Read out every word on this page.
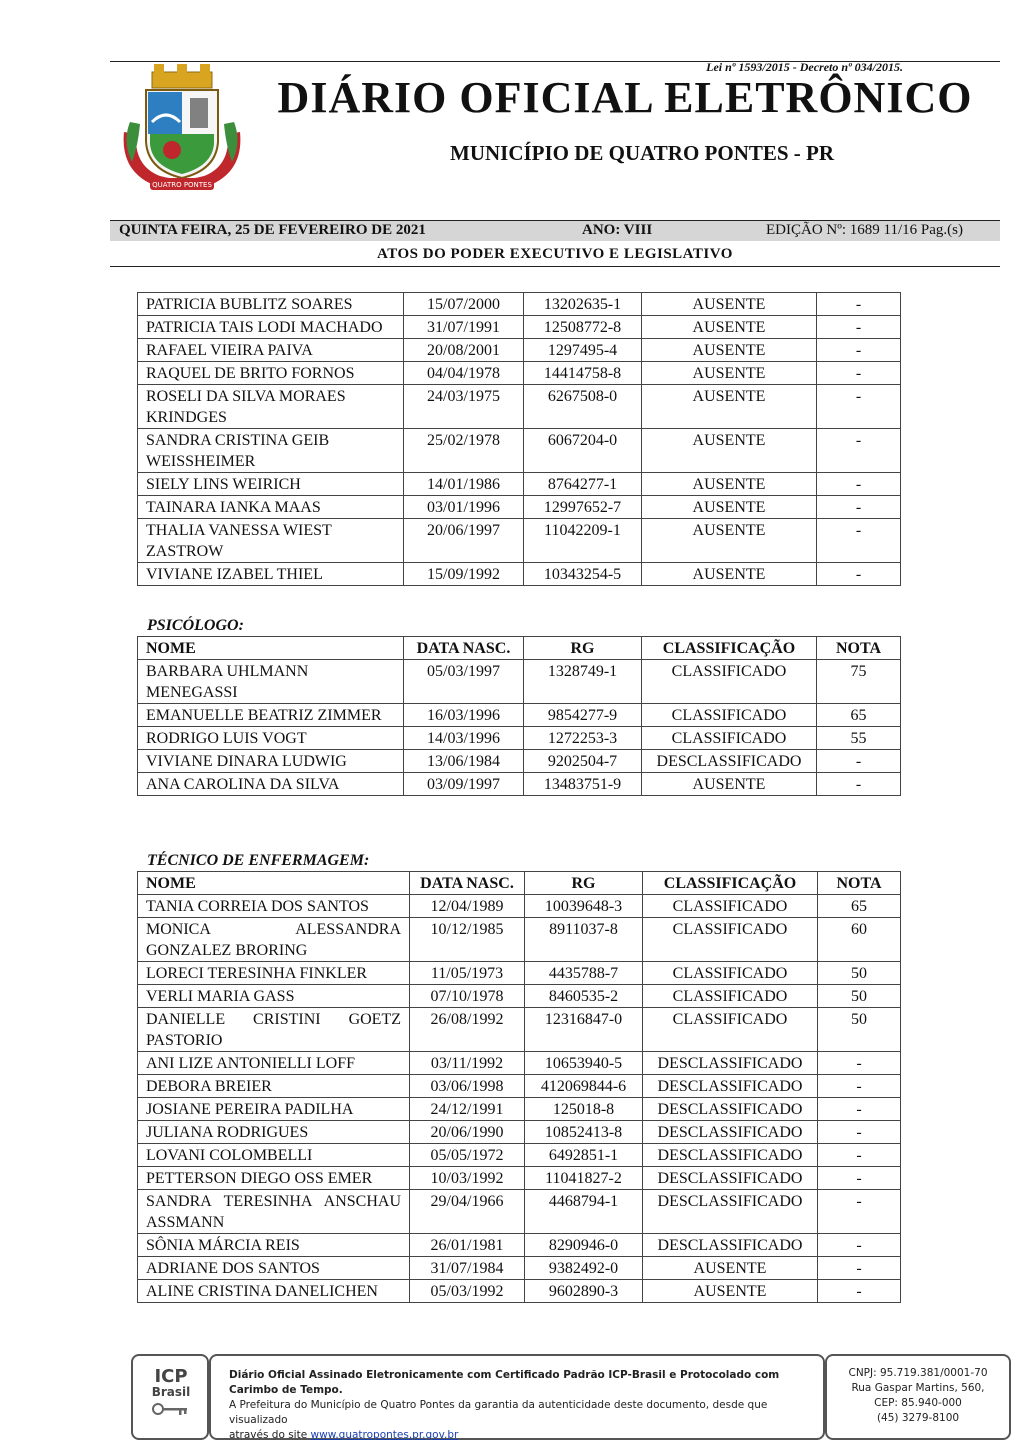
Lei nº 1593/2015 - Decreto nº 034/2015.
QUATRO PONTES
DIÁRIO OFICIAL ELETRÔNICO
MUNICÍPIO DE QUATRO PONTES - PR
QUINTA FEIRA, 25 DE FEVEREIRO DE 2021	ANO: VIII	EDIÇÃO Nº: 1689 11/16 Pag.(s)
ATOS DO PODER EXECUTIVO E LEGISLATIVO
PATRICIA BUBLITZ SOARES	15/07/2000	13202635-1	AUSENTE	-
PATRICIA TAIS LODI MACHADO	31/07/1991	12508772-8	AUSENTE	-
RAFAEL VIEIRA PAIVA	20/08/2001	1297495-4	AUSENTE	-
RAQUEL DE BRITO FORNOS	04/04/1978	14414758-8	AUSENTE	-
ROSELI DA SILVA MORAES KRINDGES	24/03/1975	6267508-0	AUSENTE	-
SANDRA CRISTINA GEIB WEISSHEIMER	25/02/1978	6067204-0	AUSENTE	-
SIELY LINS WEIRICH	14/01/1986	8764277-1	AUSENTE	-
TAINARA IANKA MAAS	03/01/1996	12997652-7	AUSENTE	-
THALIA VANESSA WIEST ZASTROW	20/06/1997	11042209-1	AUSENTE	-
VIVIANE IZABEL THIEL	15/09/1992	10343254-5	AUSENTE	-
PSICÓLOGO:
NOME	DATA NASC.	RG	CLASSIFICAÇÃO	NOTA
BARBARA UHLMANN MENEGASSI	05/03/1997	1328749-1	CLASSIFICADO	75
EMANUELLE BEATRIZ ZIMMER	16/03/1996	9854277-9	CLASSIFICADO	65
RODRIGO LUIS VOGT	14/03/1996	1272253-3	CLASSIFICADO	55
VIVIANE DINARA LUDWIG	13/06/1984	9202504-7	DESCLASSIFICADO	-
ANA CAROLINA DA SILVA	03/09/1997	13483751-9	AUSENTE	-
TÉCNICO DE ENFERMAGEM:
NOME	DATA NASC.	RG	CLASSIFICAÇÃO	NOTA
TANIA CORREIA DOS SANTOS	12/04/1989	10039648-3	CLASSIFICADO	65
MONICA ALESSANDRA GONZALEZ BRORING	10/12/1985	8911037-8	CLASSIFICADO	60
LORECI TERESINHA FINKLER	11/05/1973	4435788-7	CLASSIFICADO	50
VERLI MARIA GASS	07/10/1978	8460535-2	CLASSIFICADO	50
DANIELLE CRISTINI GOETZ PASTORIO	26/08/1992	12316847-0	CLASSIFICADO	50
ANI LIZE ANTONIELLI LOFF	03/11/1992	10653940-5	DESCLASSIFICADO	-
DEBORA BREIER	03/06/1998	412069844-6	DESCLASSIFICADO	-
JOSIANE PEREIRA PADILHA	24/12/1991	125018-8	DESCLASSIFICADO	-
JULIANA RODRIGUES	20/06/1990	10852413-8	DESCLASSIFICADO	-
LOVANI COLOMBELLI	05/05/1972	6492851-1	DESCLASSIFICADO	-
PETTERSON DIEGO OSS EMER	10/03/1992	11041827-2	DESCLASSIFICADO	-
SANDRA TERESINHA ANSCHAU ASSMANN	29/04/1966	4468794-1	DESCLASSIFICADO	-
SÔNIA MÁRCIA REIS	26/01/1981	8290946-0	DESCLASSIFICADO	-
ADRIANE DOS SANTOS	31/07/1984	9382492-0	AUSENTE	-
ALINE CRISTINA DANELICHEN	05/03/1992	9602890-3	AUSENTE	-
ICP
Brasil
Diário Oficial Assinado Eletronicamente com Certificado Padrão ICP-Brasil e Protocolado com Carimbo de Tempo.
A Prefeitura do Município de Quatro Pontes da garantia da autenticidade deste documento, desde que visualizado
através do site www.quatropontes.pr.gov.br
CNPJ: 95.719.381/0001-70
Rua Gaspar Martins, 560,
CEP: 85.940-000
(45) 3279-8100
